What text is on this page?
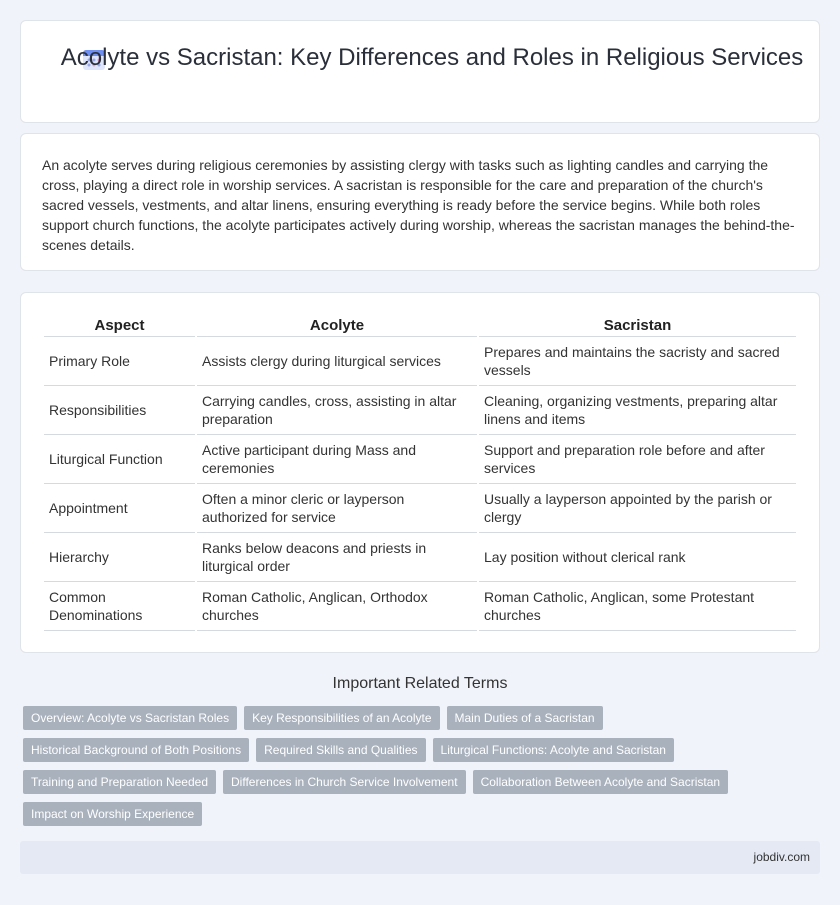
Acolyte vs Sacristan: Key Differences and Roles in Religious Services

An acolyte serves during religious ceremonies by assisting clergy with tasks such as lighting candles and carrying the cross, playing a direct role in worship services. A sacristan is responsible for the care and preparation of the church's sacred vessels, vestments, and altar linens, ensuring everything is ready before the service begins. While both roles support church functions, the acolyte participates actively during worship, whereas the sacristan manages the behind-the-scenes details.

Aspect	Acolyte	Sacristan
Primary Role	Assists clergy during liturgical services	Prepares and maintains the sacristy and sacred vessels
Responsibilities	Carrying candles, cross, assisting in altar preparation	Cleaning, organizing vestments, preparing altar linens and items
Liturgical Function	Active participant during Mass and ceremonies	Support and preparation role before and after services
Appointment	Often a minor cleric or layperson authorized for service	Usually a layperson appointed by the parish or clergy
Hierarchy	Ranks below deacons and priests in liturgical order	Lay position without clerical rank
Common Denominations	Roman Catholic, Anglican, Orthodox churches	Roman Catholic, Anglican, some Protestant churches
Important Related Terms
Overview: Acolyte vs Sacristan Roles	Key Responsibilities of an Acolyte	Main Duties of a Sacristan
Historical Background of Both Positions	Required Skills and Qualities	Liturgical Functions: Acolyte and Sacristan
Training and Preparation Needed	Differences in Church Service Involvement	Collaboration Between Acolyte and Sacristan
Impact on Worship Experience
jobdiv.com
